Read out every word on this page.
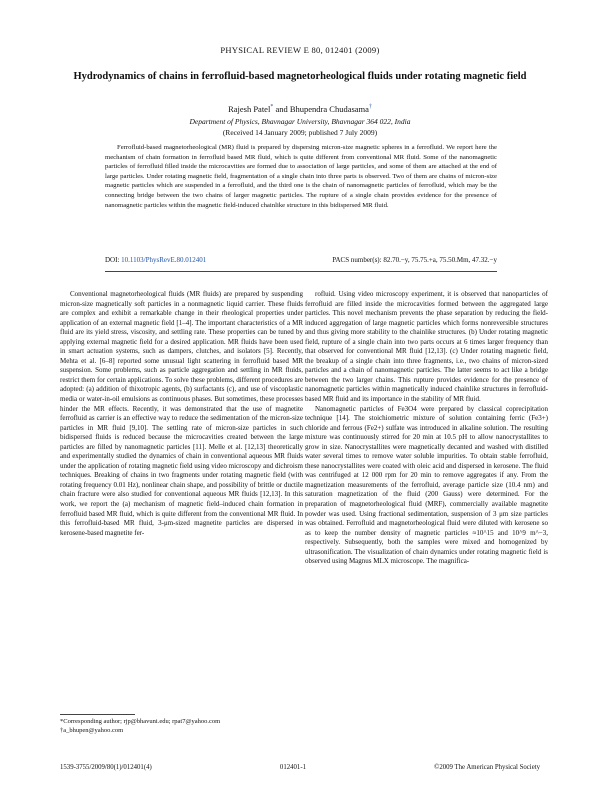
PHYSICAL REVIEW E 80, 012401 (2009)
Hydrodynamics of chains in ferrofluid-based magnetorheological fluids under rotating magnetic field
Rajesh Patel* and Bhupendra Chudasama†
Department of Physics, Bhavnagar University, Bhavnagar 364 022, India
(Received 14 January 2009; published 7 July 2009)
Ferrofluid-based magnetorheological (MR) fluid is prepared by dispersing micron-size magnetic spheres in a ferrofluid. We report here the mechanism of chain formation in ferrofluid based MR fluid, which is quite different from conventional MR fluid. Some of the nanomagnetic particles of ferrofluid filled inside the microcavities are formed due to association of large particles, and some of them are attached at the end of large particles. Under rotating magnetic field, fragmentation of a single chain into three parts is observed. Two of them are chains of micron-size magnetic particles which are suspended in a ferrofluid, and the third one is the chain of nanomagnetic particles of ferrofluid, which may be the connecting bridge between the two chains of larger magnetic particles. The rupture of a single chain provides evidence for the presence of nanomagnetic particles within the magnetic field-induced chainlike structure in this bidispersed MR fluid.
DOI: 10.1103/PhysRevE.80.012401	PACS number(s): 82.70.−y, 75.75.+a, 75.50.Mm, 47.32.−y

Conventional magnetorheological fluids (MR fluids) are prepared by suspending micron-size magnetically soft particles in a nonmagnetic liquid carrier. These fluids are complex and exhibit a remarkable change in their rheological properties under application of an external magnetic field [1–4]. The important characteristics of a MR fluid are its yield stress, viscosity, and settling rate. These properties can be tuned by applying external magnetic field for a desired application. MR fluids have been used in smart actuation systems, such as dampers, clutches, and isolators [5]. Recently, Mehta et al. [6–8] reported some unusual light scattering in ferrofluid based MR suspension. Some problems, such as particle aggregation and settling in MR fluids, restrict them for certain applications. To solve these problems, different procedures are adopted: (a) addition of thixotropic agents, (b) surfactants (c), and use of viscoplastic media or water-in-oil emulsions as continuous phases. But sometimes, these processes hinder the MR effects. Recently, it was demonstrated that the use of magnetite ferrofluid as carrier is an effective way to reduce the sedimentation of the micron-size particles in MR fluid [9,10]. The settling rate of micron-size particles in such bidispersed fluids is reduced because the microcavities created between the large particles are filled by nanomagnetic particles [11]. Melle et al. [12,13] theoretically and experimentally studied the dynamics of chain in conventional aqueous MR fluids under the application of rotating magnetic field using video microscopy and dichroism techniques. Breaking of chains in two fragments under rotating magnetic field (with rotating frequency 0.01 Hz), nonlinear chain shape, and possibility of brittle or ductile chain fracture were also studied for conventional aqueous MR fluids [12,13]. In this work, we report the (a) mechanism of magnetic field–induced chain formation in ferrofluid based MR fluid, which is quite different from the conventional MR fluid. In this ferrofluid-based MR fluid, 3-μm-sized magnetite particles are dispersed in kerosene-based magnetite fer-

rofluid. Using video microscopy experiment, it is observed that nanoparticles of ferrofluid are filled inside the microcavities formed between the aggregated large particles. This novel mechanism prevents the phase separation by reducing the field-induced aggregation of large magnetic particles which forms nonreversible structures and thus giving more stability to the chainlike structures. (b) Under rotating magnetic field, rupture of a single chain into two parts occurs at 6 times larger frequency than that observed for conventional MR fluid [12,13]. (c) Under rotating magnetic field, the breakup of a single chain into three fragments, i.e., two chains of micron-sized particles and a chain of nanomagnetic particles. The latter seems to act like a bridge between the two larger chains. This rupture provides evidence for the presence of nanomagnetic particles within magnetically induced chainlike structures in ferrofluid-based MR fluid and its importance in the stability of MR fluid.

Nanomagnetic particles of Fe3O4 were prepared by classical coprecipitation technique [14]. The stoichiometric mixture of solution containing ferric (Fe3+) chloride and ferrous (Fe2+) sulfate was introduced in alkaline solution. The resulting mixture was continuously stirred for 20 min at 10.5 pH to allow nanocrystallites to grow in size. Nanocrystallites were magnetically decanted and washed with distilled water several times to remove water soluble impurities. To obtain stable ferrofluid, these nanocrystallites were coated with oleic acid and dispersed in kerosene. The fluid was centrifuged at 12 000 rpm for 20 min to remove aggregates if any. From the magnetization measurements of the ferrofluid, average particle size (10.4 nm) and saturation magnetization of the fluid (200 Gauss) were determined. For the preparation of magnetorheological fluid (MRF), commercially available magnetite powder was used. Using fractional sedimentation, suspension of 3 μm size particles was obtained. Ferrofluid and magnetorheological fluid were diluted with kerosene so as to keep the number density of magnetic particles ≈10^15 and 10^9 m^−3, respectively. Subsequently, both the samples were mixed and homogenized by ultrasonification. The visualization of chain dynamics under rotating magnetic field is observed using Magnus MLX microscope. The magnifica-

*Corresponding author; rjp@bhavuni.edu; rpat7@yahoo.com
†a_bhupen@yahoo.com
1539-3755/2009/80(1)/012401(4)	012401-1	©2009 The American Physical Society
